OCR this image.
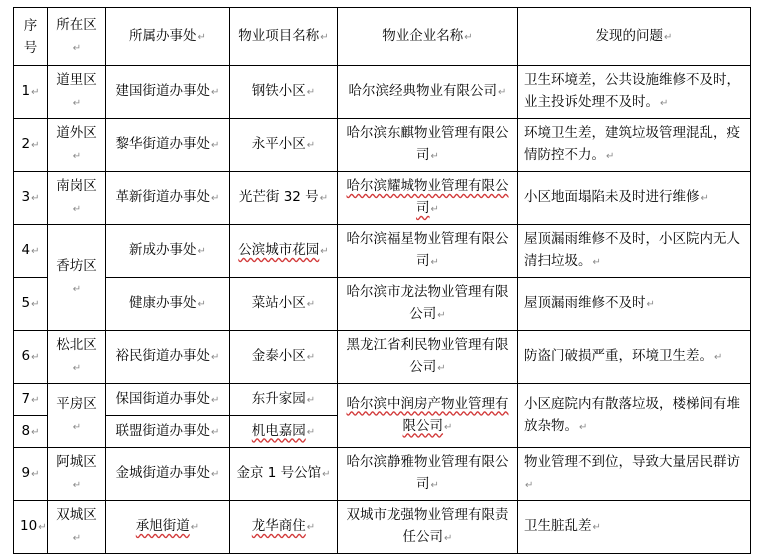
序号	所在区↵	所属办事处↵	物业项目名称↵	物业企业名称↵	发现的问题↵
1↵	道里区↵	建国街道办事处↵	钢铁小区↵	哈尔滨经典物业有限公司↵	卫生环境差，公共设施维修不及时，业主投诉处理不及时。↵
2↵	道外区↵	黎华街道办事处↵	永平小区↵	哈尔滨东麒物业管理有限公司↵	环境卫生差，建筑垃圾管理混乱，疫情防控不力。↵
3↵	南岗区↵	革新街道办事处↵	光芒街 32 号↵	哈尔滨耀城物业管理有限公司↵	小区地面塌陷未及时进行维修↵
4↵	香坊区↵	新成办事处↵	公滨城市花园↵	哈尔滨福星物业管理有限公司↵	屋顶漏雨维修不及时，小区院内无人清扫垃圾。↵
5↵		健康办事处↵	菜站小区↵	哈尔滨市龙法物业管理有限公司↵	屋顶漏雨维修不及时↵
6↵	松北区↵	裕民街道办事处↵	金泰小区↵	黑龙江省利民物业管理有限公司↵	防盗门破损严重，环境卫生差。↵
7↵	平房区↵	保国街道办事处↵	东升家园↵	哈尔滨中润房产物业管理有限公司↵	小区庭院内有散落垃圾，楼梯间有堆放杂物。↵
8↵		联盟街道办事处↵	机电嘉园↵		
9↵	阿城区↵	金城街道办事处↵	金京 1 号公馆↵	哈尔滨静雅物业管理有限公司↵	物业管理不到位，导致大量居民群访↵
10↵	双城区↵	承旭街道↵	龙华商住↵	双城市龙强物业管理有限责任公司↵	卫生脏乱差↵
